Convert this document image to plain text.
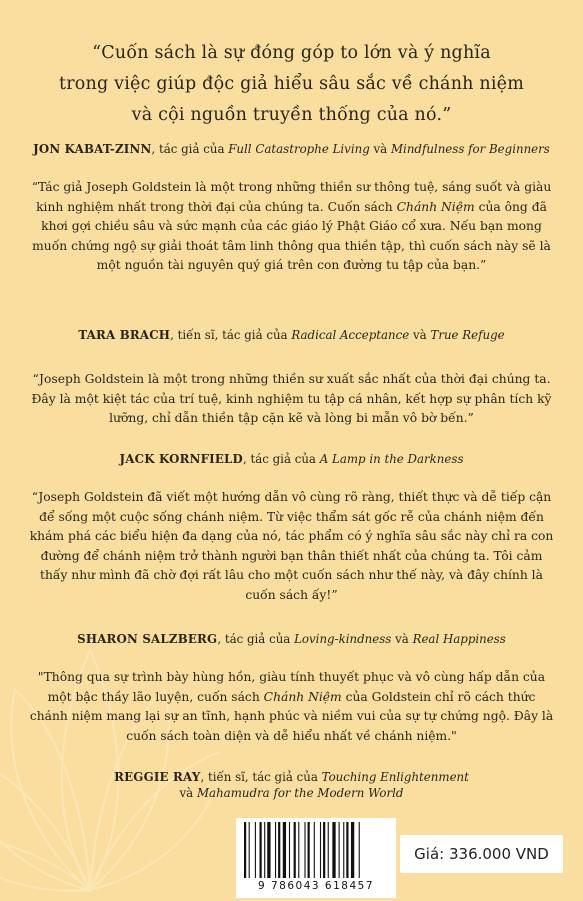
“Cuốn sách là sự đóng góp to lớn và ý nghĩa
trong việc giúp độc giả hiểu sâu sắc về chánh niệm
và cội nguồn truyền thống của nó.”
JON KABAT-ZINN, tác giả của Full Catastrophe Living và Mindfulness for Beginners
“Tác giả Joseph Goldstein là một trong những thiền sư thông tuệ, sáng suốt và giàu kinh nghiệm nhất trong thời đại của chúng ta. Cuốn sách Chánh Niệm của ông đã khơi gợi chiều sâu và sức mạnh của các giáo lý Phật Giáo cổ xưa. Nếu bạn mong muốn chứng ngộ sự giải thoát tâm linh thông qua thiền tập, thì cuốn sách này sẽ là một nguồn tài nguyên quý giá trên con đường tu tập của bạn.”
TARA BRACH, tiến sĩ, tác giả của Radical Acceptance và True Refuge
“Joseph Goldstein là một trong những thiền sư xuất sắc nhất của thời đại chúng ta. Đây là một kiệt tác của trí tuệ, kinh nghiệm tu tập cá nhân, kết hợp sự phân tích kỹ lưỡng, chỉ dẫn thiền tập cặn kẽ và lòng bi mẫn vô bờ bến.”
JACK KORNFIELD, tác giả của A Lamp in the Darkness
“Joseph Goldstein đã viết một hướng dẫn vô cùng rõ ràng, thiết thực và dễ tiếp cận để sống một cuộc sống chánh niệm. Từ việc thẩm sát gốc rễ của chánh niệm đến khám phá các biểu hiện đa dạng của nó, tác phẩm có ý nghĩa sâu sắc này chỉ ra con đường để chánh niệm trở thành người bạn thân thiết nhất của chúng ta. Tôi cảm thấy như mình đã chờ đợi rất lâu cho một cuốn sách như thế này, và đây chính là cuốn sách ấy!”
SHARON SALZBERG, tác giả của Loving-kindness và Real Happiness
"Thông qua sự trình bày hùng hồn, giàu tính thuyết phục và vô cùng hấp dẫn của một bậc thầy lão luyện, cuốn sách Chánh Niệm của Goldstein chỉ rõ cách thức chánh niệm mang lại sự an tĩnh, hạnh phúc và niềm vui của sự tự chứng ngộ. Đây là cuốn sách toàn diện và dễ hiểu nhất về chánh niệm."
REGGIE RAY, tiến sĩ, tác giả của Touching Enlightenment
và Mahamudra for the Modern World
9 786043 618457
Giá: 336.000 VND
